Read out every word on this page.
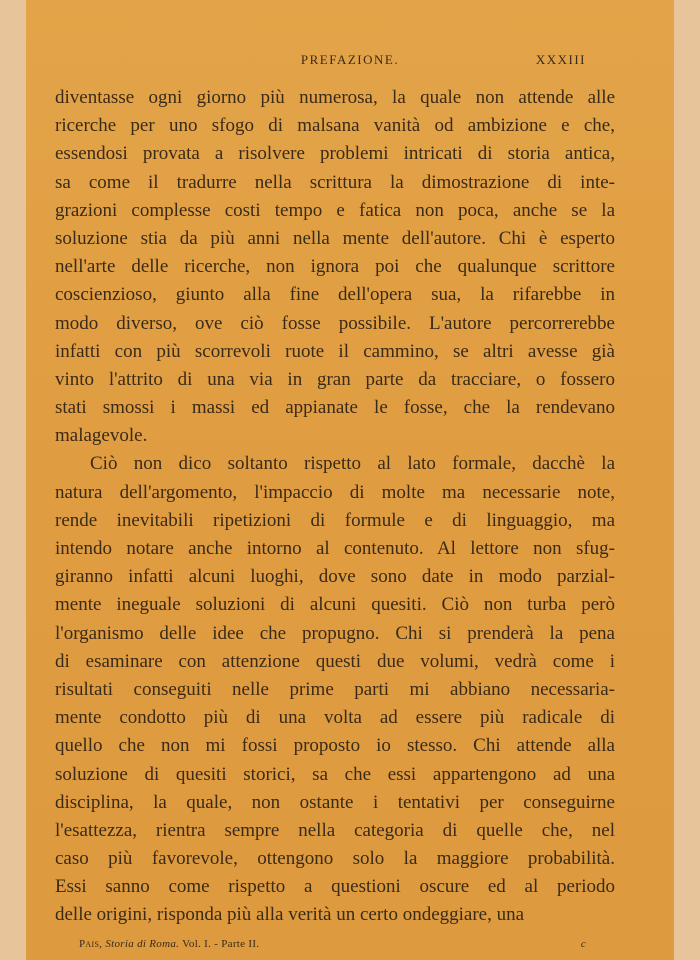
PREFAZIONE.	XXXIII
diventasse ogni giorno più numerosa, la quale non attende alle
ricerche per uno sfogo di malsana vanità od ambizione e che,
essendosi provata a risolvere problemi intricati di storia antica,
sa come il tradurre nella scrittura la dimostrazione di inte-
grazioni complesse costi tempo e fatica non poca, anche se la
soluzione stia da più anni nella mente dell'autore. Chi è esperto
nell'arte delle ricerche, non ignora poi che qualunque scrittore
coscienzioso, giunto alla fine dell'opera sua, la rifarebbe in
modo diverso, ove ciò fosse possibile. L'autore percorrerebbe
infatti con più scorrevoli ruote il cammino, se altri avesse già
vinto l'attrito di una via in gran parte da tracciare, o fossero
stati smossi i massi ed appianate le fosse, che la rendevano
malagevole.
Ciò non dico soltanto rispetto al lato formale, dacchè la
natura dell'argomento, l'impaccio di molte ma necessarie note,
rende inevitabili ripetizioni di formule e di linguaggio, ma
intendo notare anche intorno al contenuto. Al lettore non sfug-
giranno infatti alcuni luoghi, dove sono date in modo parzial-
mente ineguale soluzioni di alcuni quesiti. Ciò non turba però
l'organismo delle idee che propugno. Chi si prenderà la pena
di esaminare con attenzione questi due volumi, vedrà come i
risultati conseguiti nelle prime parti mi abbiano necessaria-
mente condotto più di una volta ad essere più radicale di
quello che non mi fossi proposto io stesso. Chi attende alla
soluzione di quesiti storici, sa che essi appartengono ad una
disciplina, la quale, non ostante i tentativi per conseguirne
l'esattezza, rientra sempre nella categoria di quelle che, nel
caso più favorevole, ottengono solo la maggiore probabilità.
Essi sanno come rispetto a questioni oscure ed al periodo
delle origini, risponda più alla verità un certo ondeggiare, una
Pais, Storia di Roma. Vol. I. - Parte II.	c
